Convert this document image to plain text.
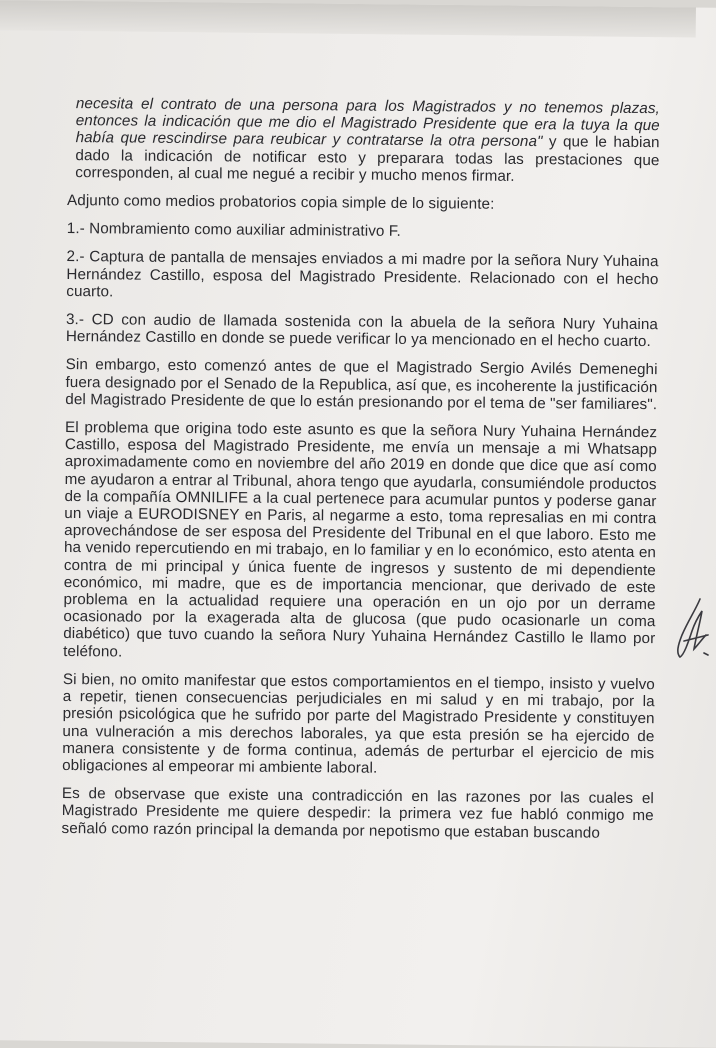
necesita el contrato de una persona para los Magistrados y no tenemos plazas, entonces la indicación que me dio el Magistrado Presidente que era la tuya la que había que rescindirse para reubicar y contratarse la otra persona" y que le habian dado la indicación de notificar esto y preparara todas las prestaciones que corresponden, al cual me negué a recibir y mucho menos firmar.

Adjunto como medios probatorios copia simple de lo siguiente:

1.- Nombramiento como auxiliar administrativo F.

2.- Captura de pantalla de mensajes enviados a mi madre por la señora Nury Yuhaina Hernández Castillo, esposa del Magistrado Presidente. Relacionado con el hecho cuarto.

3.- CD con audio de llamada sostenida con la abuela de la señora Nury Yuhaina Hernández Castillo en donde se puede verificar lo ya mencionado en el hecho cuarto.

Sin embargo, esto comenzó antes de que el Magistrado Sergio Avilés Demeneghi fuera designado por el Senado de la Republica, así que, es incoherente la justificación del Magistrado Presidente de que lo están presionando por el tema de "ser familiares".

El problema que origina todo este asunto es que la señora Nury Yuhaina Hernández Castillo, esposa del Magistrado Presidente, me envía un mensaje a mi Whatsapp aproximadamente como en noviembre del año 2019 en donde que dice que así como me ayudaron a entrar al Tribunal, ahora tengo que ayudarla, consumiéndole productos de la compañía OMNILIFE a la cual pertenece para acumular puntos y poderse ganar un viaje a EURODISNEY en Paris, al negarme a esto, toma represalias en mi contra aprovechándose de ser esposa del Presidente del Tribunal en el que laboro. Esto me ha venido repercutiendo en mi trabajo, en lo familiar y en lo económico, esto atenta en contra de mi principal y única fuente de ingresos y sustento de mi dependiente económico, mi madre, que es de importancia mencionar, que derivado de este problema en la actualidad requiere una operación en un ojo por un derrame ocasionado por la exagerada alta de glucosa (que pudo ocasionarle un coma diabético) que tuvo cuando la señora Nury Yuhaina Hernández Castillo le llamo por teléfono.

Si bien, no omito manifestar que estos comportamientos en el tiempo, insisto y vuelvo a repetir, tienen consecuencias perjudiciales en mi salud y en mi trabajo, por la presión psicológica que he sufrido por parte del Magistrado Presidente y constituyen una vulneración a mis derechos laborales, ya que esta presión se ha ejercido de manera consistente y de forma continua, además de perturbar el ejercicio de mis obligaciones al empeorar mi ambiente laboral.

Es de observase que existe una contradicción en las razones por las cuales el Magistrado Presidente me quiere despedir: la primera vez fue habló conmigo me señaló como razón principal la demanda por nepotismo que estaban buscando
